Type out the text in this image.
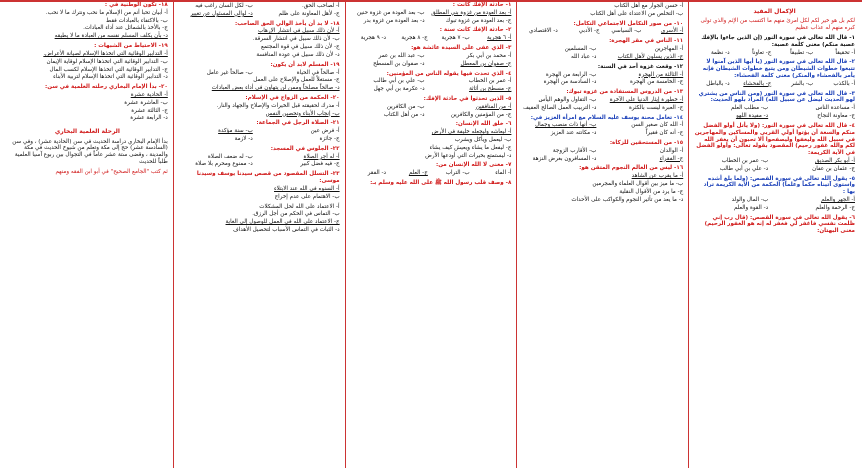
الإكمال المفيد
لكم بل هو خير لكم لكل امرئ منهم ما اكتسب من الإثم والذي تولى كبره منهم له عذاب عظيم
١- قال الله تعالى في سورة النور (إن الذين جاءوا بالإفك عصبة منكم) معنى كلمة عصبة:
أ- تحقيقاً
ب- تطبيقاً
ج- تعاوناً
د- نظمة
٢- قال الله تعالى في سورة النور (يا أيها الذين آمنوا لا تتبعوا خطوات الشيطان ومن يتبع خطوات الشيطان فإنه يأمر بالفحشاء والمنكر) معنى كلمة الفحشاء:
أ- بالكذب
ب- بالشر
ج- بالفحشاء
د- بالباطل
٣- قال الله تعالى في سورة النور (ومن الناس من يشتري لهو الحديث ليضل عن سبيل الله) المراد بلهو الحديث:
أ- مساعدة الناس
ب- مطلب العلم
ج- معاونة النجاح
د- مفيدة اللهو
٤- قال الله تعالى في سورة النور: (ولا يأتل أولو الفضل منكم والسعة أن يؤتوا أولي القربى والمساكين والمهاجرين في سبيل الله وليعفوا وليصفحوا ألا تحبون أن يغفر الله لكم والله غفور رحيم) المقصود بقوله تعالى: وأولو الفضل في الآية الكريمة:
أ- أبو بكر الصديق
ب- عمر بن الخطاب
ج- عثمان بن عفان
د- علي بن أبي طالب
٥- يقول الله تعالى في سورة القصص: (ولما بلغ أشده واستوى آتيناه حكماً وعلماً) الحكمة من الآية الكريمة تراد بها :
أ- الجهر والعلم
ب- المال والولد
ج- الرحمة والعلم
د- القوة والعلم
٦- يقول الله تعالى في سورة القصص: (قال رب إني ظلمت نفسي فاغفر لي فغفر له إنه هو الغفور الرحيم) معنى البهتان:
أ- حسن الجوار مع أهل الكتاب
ب- التخلص من الاعتداء على أهل الكتاب
١٠- من صور التكامل الاجتماعي التكامل:
أ- الأسري
ب- السياسي
ج- الأدبي
د- الاقتصادي
١١- الناس في مقر الهجرة:
أ- المهاجرين
ب- المسلمين
ج- الذين يسلون لأهل الكتاب
د- عباد الله
١٢- وقعت غزوة أحد في السنة:
أ- الثالثة من الهجرة
ب- الرابعة من الهجرة
ج- الخامسة من الهجرة
د- السادسة من الهجرة
١٣- من الدروس المستفادة من غزوة تبوك:
أ- خطورة إيثار الدنيا على الآخرة
ب- التقاول والوهم اليأس
ج- العبرة ليست بالكثرة
د- التربيب العمل الصالح العفيف
١٤- تعامل محنة يوسف عليه السلام مع امرأة العزيز في:
أ- الله كان صغير السن
ب- أنها ذات منصب وجمال
ج- أنه كان فقيراً
د- مكانته عند العزيز
١٥- من المستحقين للزكاة:
أ- الوالدان
ب- الأقارب الزوجة
ج- الفقراء
د- المسافرون بغرض النزهة
١٦- ليس من العالم النجوم المتقن هو:
أ- ما يقرب عن الشاهد
ب- ما ميز بين أقوال العلماء والمجرمين
ج- ما يرد من الأقوال النقلية
د- ما يعد من تأثير النجوم والكواكب على الأحداث
١- حادثة الإفك كانت :
أ- بعد العودة من غزوة بني المطلق
ب- بعد العودة من غزوة حنين
ج- بعد العودة من غزوة تبوك
د- بعد العودة من غزوة بدر
٢- حادثة الإفك كانت سنة :
أ- ٦ هجرية
ب- ٧ هجرية
ج- ٨ هجرية
د- ٩ هجرية
٣- الذي عفى على السيدة عائشة هو:
أ- محمد بن أبي بكر
ب- عبد الله بن عمر
ج- صفوان بن المعطل
د- صفوان بن المسطح
٤- الذي تحدث فيها يقوله الناس من المؤمنين:
أ- عمر بن الخطاب
ب- علي بن أبي طالب
ج- مسطح بن أثاثة
د- عكرمة بن أبي جهل
٥- الذين تحدثوا في حادثة الإفك:
أ- من المنافقين
ب- من الكافرين
ج- من المؤمنين والكافرين
د- من أهل الكتاب
٦- خلق الله الإنسان:
أ- ليعاشه وليجعله خليفة في الأرض
ب- ليعمل ويأكل ويشرب
ج- ليفعل ما يشاء ويعيش كيف يشاء
د- ليستمتع بخيرات التي أودعها الأرض
٧- معنى لا الله الإنسان من:
أ- الماء
ب- التراب
ج- العلم
د- الفقر
٨- وصف قلب رسول الله ﷺ على الله عليه وسلم بـ:
أ- لصاحب الحق.
ب- لكل السان راغب فيه
ج- لأهل المعاونة على ظلم
د- لوالي المسئول عن تغيير
١٨- لا بد أن يأخذ الوالي الحق الصاحب:
أ- لأن ذلك سبيل في انتشار الإرهاب
ب- لأن ذلك سبيل في انتشار السرقة.
ج- لأن ذلك سبيل في قوة المجتمع
د- لأن ذلك سبيل في عودة المنافسة
١٩- المسلم لابد أن يكون:
أ- صالحاً في الحياة
ب- صالحاً غير عامل
ج- مستغلاً للعمل والإصلاح على العمل
د- صالحاً مصلحاً وممن لن يتهاون في أداء بعض العبادات
٢٠- الحكمة من الزواج في الإسلام:
أ- مدرك لحقيقته قبل الخيرات والإصلاح والجهاد والنار.
ب- إنجاب الأبناء وتحصين النفس
٢١- الصلاة الرجل في الجماعة:
أ- فرض عين
ب- سنة مؤكدة
ج- جائزة
د- لازمة
٢٢- الجلوس في المسجد:
أ- له أجر الصلاة
ب- له ضعف الصلاة
ج- فيه فضل كبير
د- ممنوع ومحرم بلا صلاة
٢٣- التسلل المقصود من قصص سيدنا يوسف وسيدنا موسى:
أ- السنوه في الله عند الابتلاء
ب- الاهتمام على عدم إخراج
أ- الاعتماد على الله لحل المشكلات
ب- التماس في الحكم من أجل الرزق.
ج- الاعتماد على الله في العمل للوصول إلى الغاية
د- الثبات في التماس الأسباب لتحصيل الأهداف
١٨- تكون الوطنية في :
أ- أبيان تحبا أنم من الإسلام ما نحب ونترك ما لا نحب.
ب- بالاكتفاء بالعبادات فقط
ج- بالأخذ بالشمائل عند أداء العبادات.
د- بأن يكلف المسلم نفسه من العبادة ما لا يطيقه
١٩- الاحتياط من الشبهات :
أ- التدابير الوقائية التي اتخذها الإسلام لصيانة الأعراض.
ب- التدابير الوقائية التي اتخذها الإسلام لوقاية الإيمان
ج- التدابير الوقائية التي اتخذها الإسلام لكسب المال
د- التدابير الوقائية التي اتخذها الإسلام لتربية الأبناء
٢٠- بدأ الإمام البخاري رحلته العلمية في سن:
أ- الحادية عشرة
ب- العاشرة عشرة
ج- الثالثة عشرة
د- الرابعة عشرة
الرحلة العلمية البخاري
بدأ الإمام البخاري دراسة الحديث في سن (الحادية عشر) ، وفي سن (السادسة عشر) حج إلى مكة وتعلم من شيوخ الحديث في مكة والمدينة ، وقضى ستة عشر عاماً في التجوال بين ربوع آسيا العلمية طلباً للحديث
ثم كتب "الجامع الصحيح" في أبو ابن الفقه ومنهم
